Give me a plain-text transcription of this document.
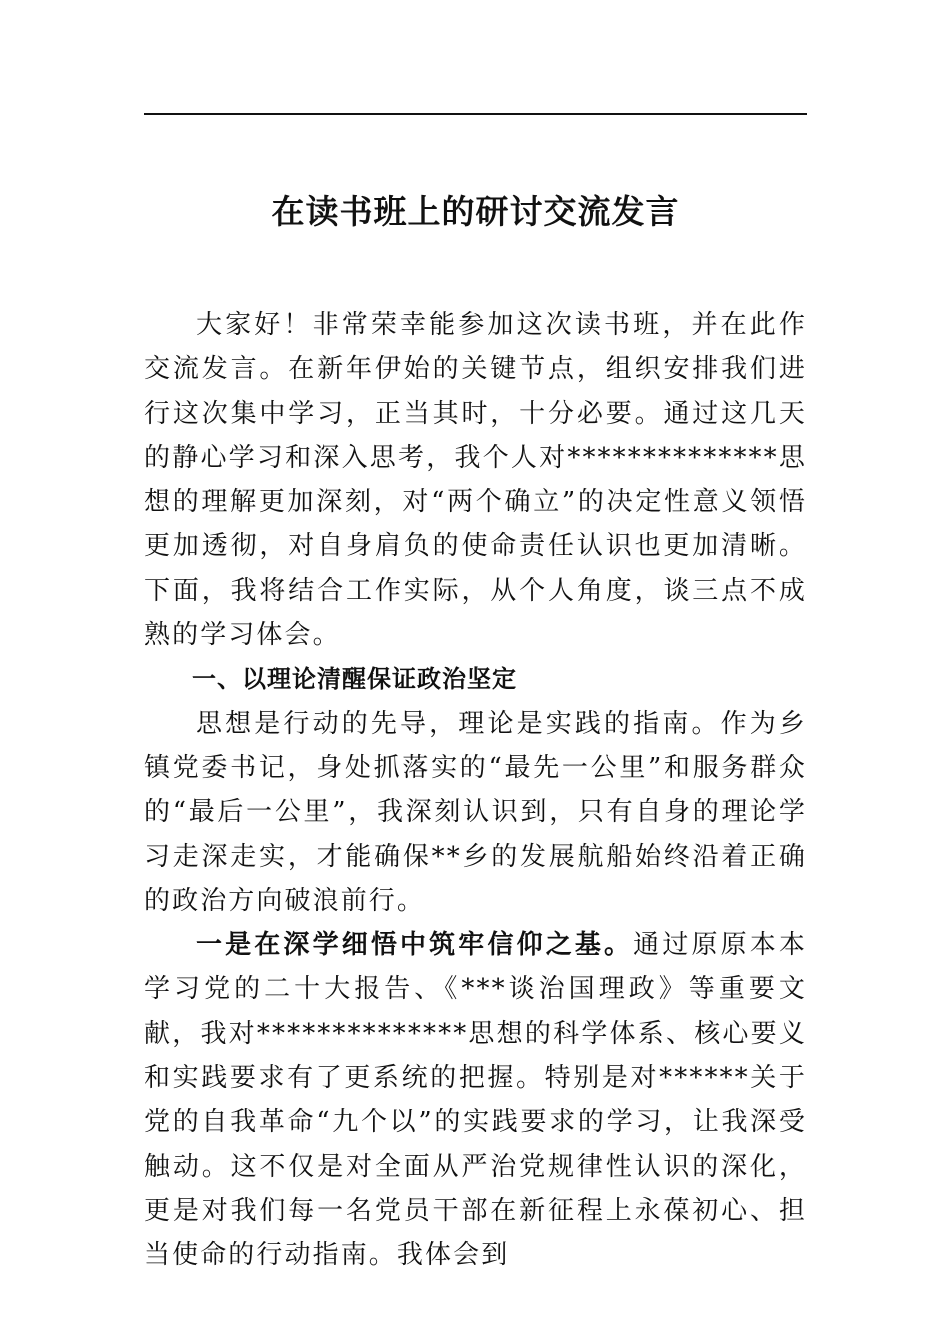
在读书班上的研讨交流发言

大家好！非常荣幸能参加这次读书班，并在此作交流发言。在新年伊始的关键节点，组织安排我们进行这次集中学习，正当其时，十分必要。通过这几天的静心学习和深入思考，我个人对**************思想的理解更加深刻，对“两个确立”的决定性意义领悟更加透彻，对自身肩负的使命责任认识也更加清晰。下面，我将结合工作实际，从个人角度，谈三点不成熟的学习体会。

一、以理论清醒保证政治坚定

思想是行动的先导，理论是实践的指南。作为乡镇党委书记，身处抓落实的“最先一公里”和服务群众的“最后一公里”，我深刻认识到，只有自身的理论学习走深走实，才能确保**乡的发展航船始终沿着正确的政治方向破浪前行。

一是在深学细悟中筑牢信仰之基。通过原原本本学习党的二十大报告、《***谈治国理政》等重要文献，我对**************思想的科学体系、核心要义和实践要求有了更系统的把握。特别是对******关于党的自我革命“九个以”的实践要求的学习，让我深受触动。这不仅是对全面从严治党规律性认识的深化，更是对我们每一名党员干部在新征程上永葆初心、担当使命的行动指南。我体会到
